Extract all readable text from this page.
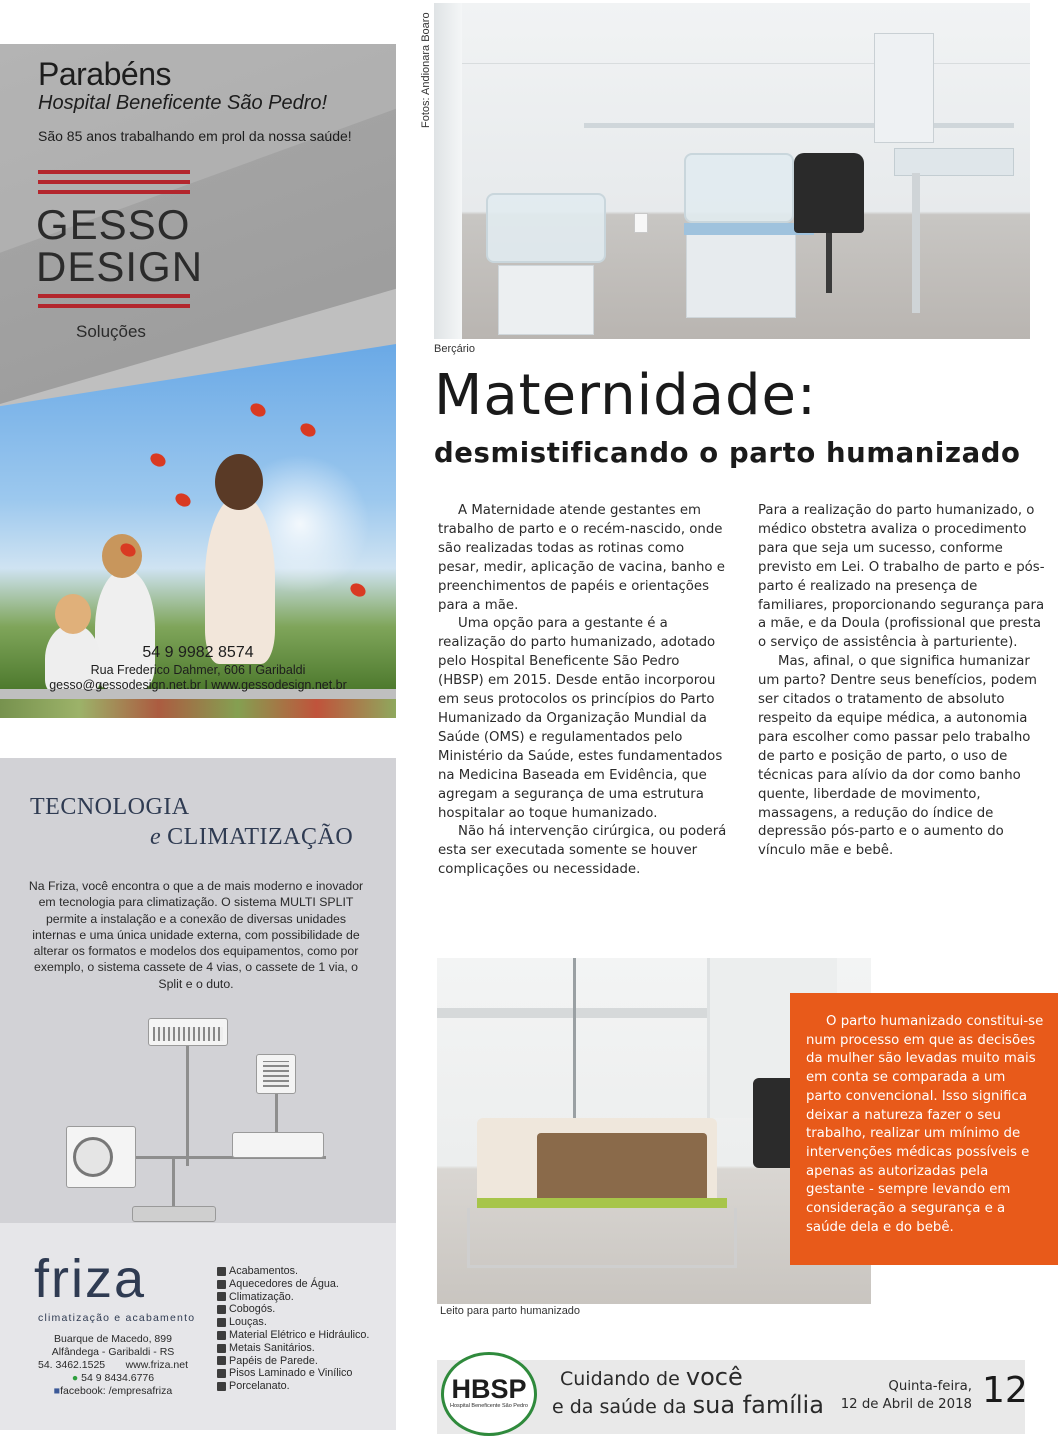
Parabéns
Hospital Beneficente São Pedro!
São 85 anos trabalhando em prol da nossa saúde!
GESSO
DESIGN
Soluções
54 9 9982 8574
Rua Frederico Dahmer, 606 I Garibaldi
gesso@gessodesign.net.br I www.gessodesign.net.br
TECNOLOGIA
e CLIMATIZAÇÃO
Na Friza, você encontra o que a de mais moderno e inovador em tecnologia para climatização. O sistema MULTI SPLIT permite a instalação e a conexão de diversas unidades internas e uma única unidade externa, com possibilidade de alterar os formatos e modelos dos equipamentos, como por exemplo, o sistema cassete de 4 vias, o cassete de 1 via, o Split e o duto.
friza
climatização e acabamento
Buarque de Macedo, 899
Alfândega - Garibaldi - RS
54. 3462.1525 www.friza.net
● 54 9 8434.6776
■facebook: /empresafriza
Acabamentos.
Aquecedores de Água.
Climatização.
Cobogós.
Louças.
Material Elétrico e Hidráulico.
Metais Sanitários.
Papéis de Parede.
Pisos Laminado e Vinílico
Porcelanato.
Fotos: Andionara Boaro
Berçário
Maternidade:
desmistificando o parto humanizado

A Maternidade atende gestantes em trabalho de parto e o recém-nascido, onde são realizadas todas as rotinas como pesar, medir, aplicação de vacina, banho e preenchimentos de papéis e orientações para a mãe.

Uma opção para a gestante é a realização do parto humanizado, adotado pelo Hospital Beneficente São Pedro (HBSP) em 2015. Desde então incorporou em seus protocolos os princípios do Parto Humanizado da Organização Mundial da Saúde (OMS) e regulamentados pelo Ministério da Saúde, estes fundamentados na Medicina Baseada em Evidência, que agregam a segurança de uma estrutura hospitalar ao toque humanizado.

Não há intervenção cirúrgica, ou poderá esta ser executada somente se houver complicações ou necessidade.

Para a realização do parto humanizado, o médico obstetra avaliza o procedimento para que seja um sucesso, conforme previsto em Lei. O trabalho de parto e pós-parto é realizado na presença de familiares, proporcionando segurança para a mãe, e da Doula (profissional que presta o serviço de assistência à parturiente).

Mas, afinal, o que significa humanizar um parto? Dentre seus benefícios, podem ser citados o tratamento de absoluto respeito da equipe médica, a autonomia para escolher como passar pelo trabalho de parto e posição de parto, o uso de técnicas para alívio da dor como banho quente, liberdade de movimento, massagens, a redução do índice de depressão pós-parto e o aumento do vínculo mãe e bebê.

Leito para parto humanizado

O parto humanizado constitui-se num processo em que as decisões da mulher são levadas muito mais em conta se comparada a um parto convencional. Isso significa deixar a natureza fazer o seu trabalho, realizar um mínimo de intervenções médicas possíveis e apenas as autorizadas pela gestante - sempre levando em consideração a segurança e a saúde dela e do bebê.

HBSP
Hospital Beneficente São Pedro
Cuidando de você
e da saúde da sua família
Quinta-feira,
12 de Abril de 2018 12
